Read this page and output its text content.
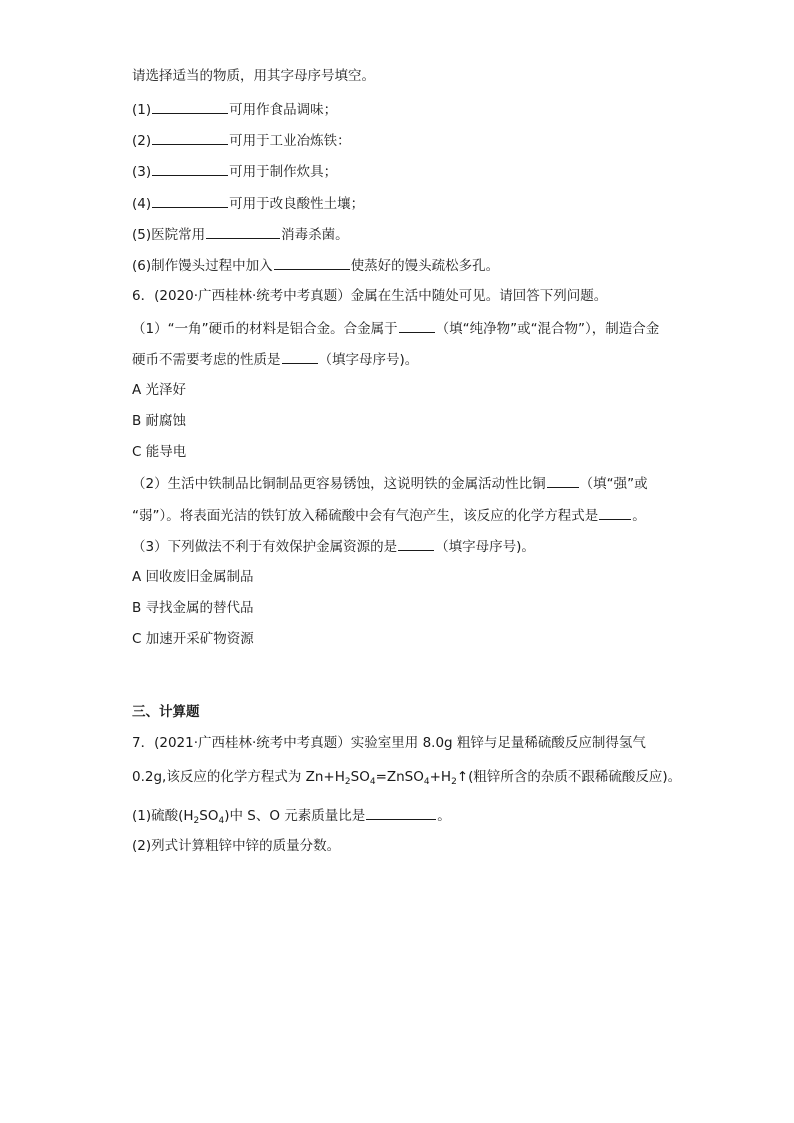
请选择适当的物质，用其字母序号填空。
(1)	可用作食品调味；
(2)	可用于工业冶炼铁：
(3)	可用于制作炊具；
(4)	可用于改良酸性土壤；
(5)医院常用	消毒杀菌。
(6)制作馒头过程中加入	使蒸好的馒头疏松多孔。
6．(2020·广西桂林·统考中考真题）金属在生活中随处可见。请回答下列问题。
（1）“一角”硬币的材料是铝合金。合金属于	（填“纯净物”或“混合物”），制造合金
硬币不需要考虑的性质是	（填字母序号)。
A 光泽好
B 耐腐蚀
C 能导电
（2）生活中铁制品比铜制品更容易锈蚀，这说明铁的金属活动性比铜	（填“强”或
“弱”）。将表面光洁的铁钉放入稀硫酸中会有气泡产生，该反应的化学方程式是	。
（3）下列做法不利于有效保护金属资源的是	（填字母序号)。
A 回收废旧金属制品
B 寻找金属的替代品
C 加速开采矿物资源
三、计算题
7．(2021·广西桂林·统考中考真题）实验室里用 8.0g 粗锌与足量稀硫酸反应制得氢气
0.2g,该反应的化学方程式为 $Zn+H_2SO_4=ZnSO_4+H_2↑$(粗锌所含的杂质不跟稀硫酸反应)。
(1)硫酸$(H_2SO_4)$中 S、O 元素质量比是	。
(2)列式计算粗锌中锌的质量分数。
